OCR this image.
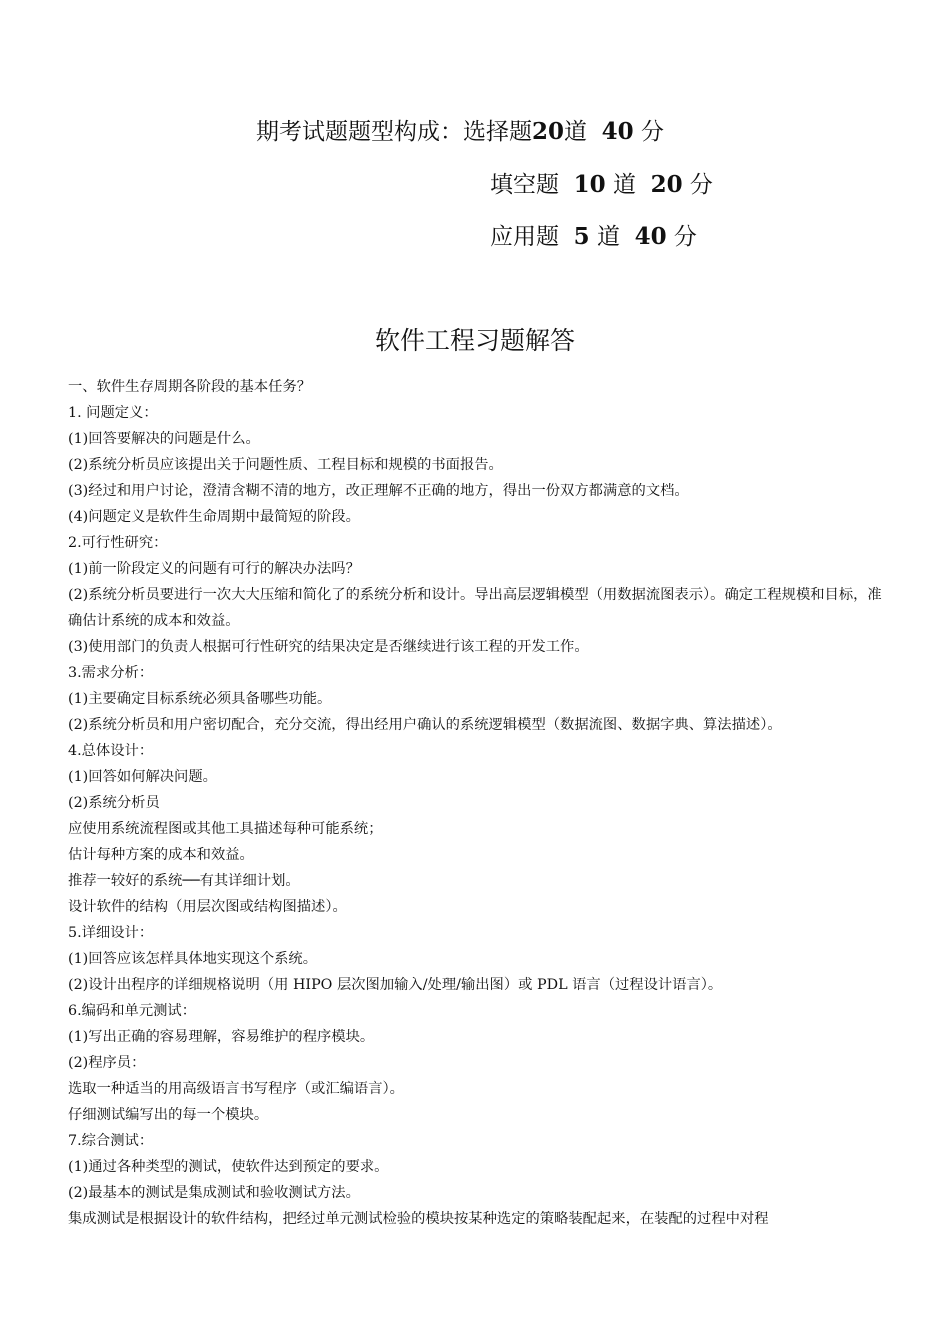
期考试题题型构成：选择题20道 40 分
填空题 10 道 20 分
应用题 5 道 40 分
软件工程习题解答

一、软件生存周期各阶段的基本任务？

1. 问题定义：

(1)回答要解决的问题是什么。

(2)系统分析员应该提出关于问题性质、工程目标和规模的书面报告。

(3)经过和用户讨论，澄清含糊不清的地方，改正理解不正确的地方，得出一份双方都满意的文档。

(4)问题定义是软件生命周期中最简短的阶段。

2.可行性研究：

(1)前一阶段定义的问题有可行的解决办法吗？

(2)系统分析员要进行一次大大压缩和简化了的系统分析和设计。导出高层逻辑模型（用数据流图表示）。确定工程规模和目标，准确估计系统的成本和效益。

(3)使用部门的负责人根据可行性研究的结果决定是否继续进行该工程的开发工作。

3.需求分析：

(1)主要确定目标系统必须具备哪些功能。

(2)系统分析员和用户密切配合，充分交流，得出经用户确认的系统逻辑模型（数据流图、数据字典、算法描述）。

4.总体设计：

(1)回答如何解决问题。

(2)系统分析员

应使用系统流程图或其他工具描述每种可能系统；

估计每种方案的成本和效益。

推荐一较好的系统──有其详细计划。

设计软件的结构（用层次图或结构图描述）。

5.详细设计：

(1)回答应该怎样具体地实现这个系统。

(2)设计出程序的详细规格说明（用 HIPO 层次图加输入/处理/输出图）或 PDL 语言（过程设计语言）。

6.编码和单元测试：

(1)写出正确的容易理解，容易维护的程序模块。

(2)程序员：

选取一种适当的用高级语言书写程序（或汇编语言）。

仔细测试编写出的每一个模块。

7.综合测试：

(1)通过各种类型的测试，使软件达到预定的要求。

(2)最基本的测试是集成测试和验收测试方法。

集成测试是根据设计的软件结构，把经过单元测试检验的模块按某种选定的策略装配起来，在装配的过程中对程
